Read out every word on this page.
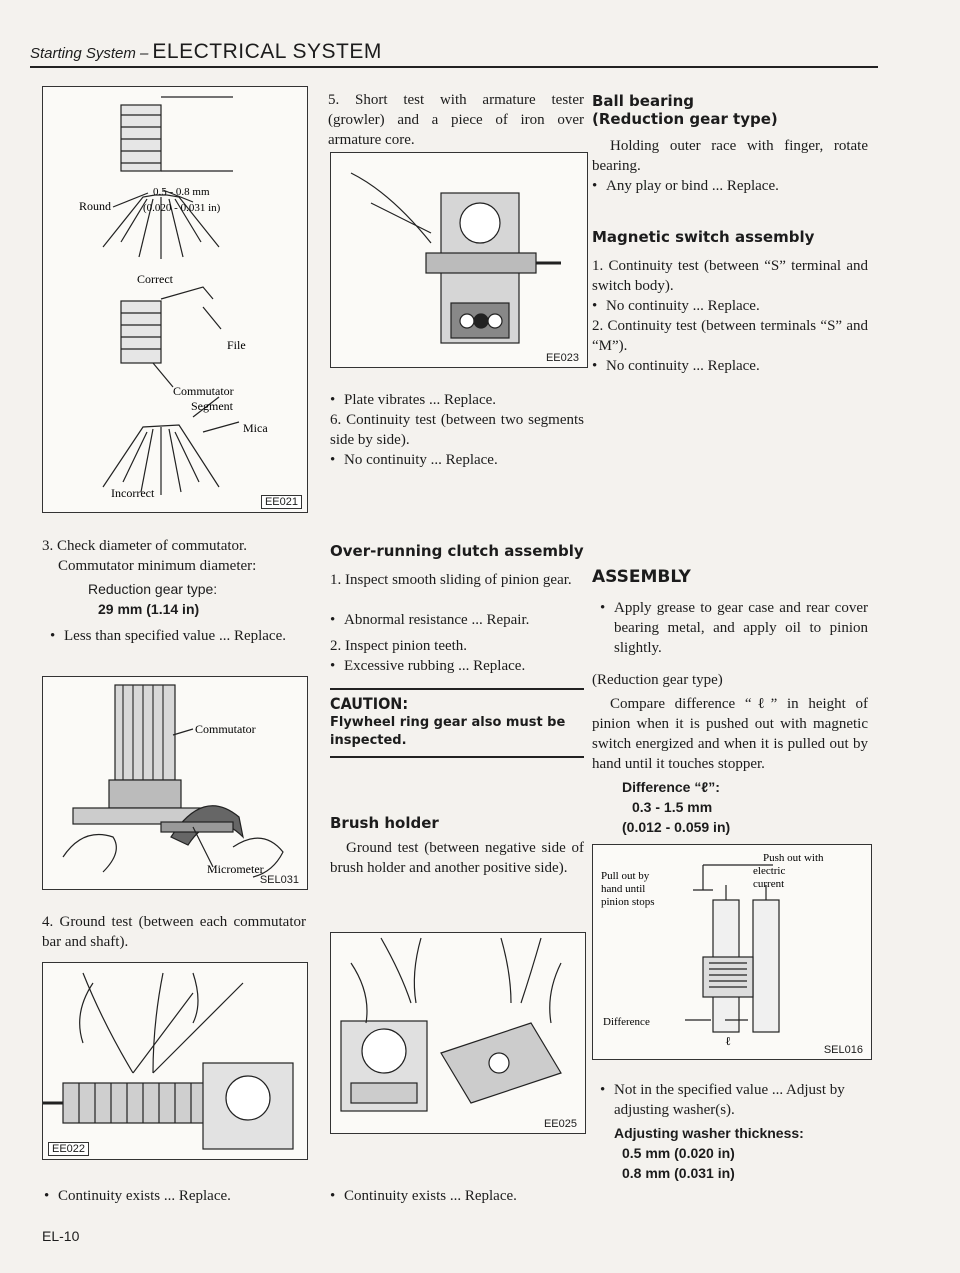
Starting System – ELECTRICAL SYSTEM
Round
0.5 - 0.8 mm
(0.020 - 0.031 in)
Correct
File
Commutator
Segment
Mica
Incorrect
EE021
3. Check diameter of commutator.
Commutator minimum diameter:
Reduction gear type:
29 mm (1.14 in)
• Less than specified value ... Replace.
Commutator
Micrometer
SEL031
4. Ground test (between each commutator bar and shaft).
EE022
• Continuity exists ... Replace.
EL-10
5. Short test with armature tester (growler) and a piece of iron over armature core.
EE023
• Plate vibrates ... Replace.
6. Continuity test (between two segments side by side).
• No continuity ... Replace.
Over-running clutch assembly
1. Inspect smooth sliding of pinion gear.
• Abnormal resistance ... Repair.
2. Inspect pinion teeth.
• Excessive rubbing ... Replace.
CAUTION:
Flywheel ring gear also must be inspected.
Brush holder
Ground test (between negative side of brush holder and another positive side).
EE025
• Continuity exists ... Replace.
Ball bearing
(Reduction gear type)
Holding outer race with finger, rotate bearing.
• Any play or bind ... Replace.
Magnetic switch assembly
1. Continuity test (between “S” terminal and switch body).
• No continuity ... Replace.
2. Continuity test (between terminals “S” and “M”).
• No continuity ... Replace.
ASSEMBLY
• Apply grease to gear case and rear cover bearing metal, and apply oil to pinion slightly.
(Reduction gear type)
Compare difference “ℓ” in height of pinion when it is pushed out with magnetic switch energized and when it is pulled out by hand until it touches stopper.
Difference “ℓ”:
0.3 - 1.5 mm
(0.012 - 0.059 in)
Pull out by hand until pinion stops
Push out with electric current
Difference
ℓ
SEL016
• Not in the specified value ... Adjust by adjusting washer(s).
Adjusting washer thickness:
0.5 mm (0.020 in)
0.8 mm (0.031 in)
